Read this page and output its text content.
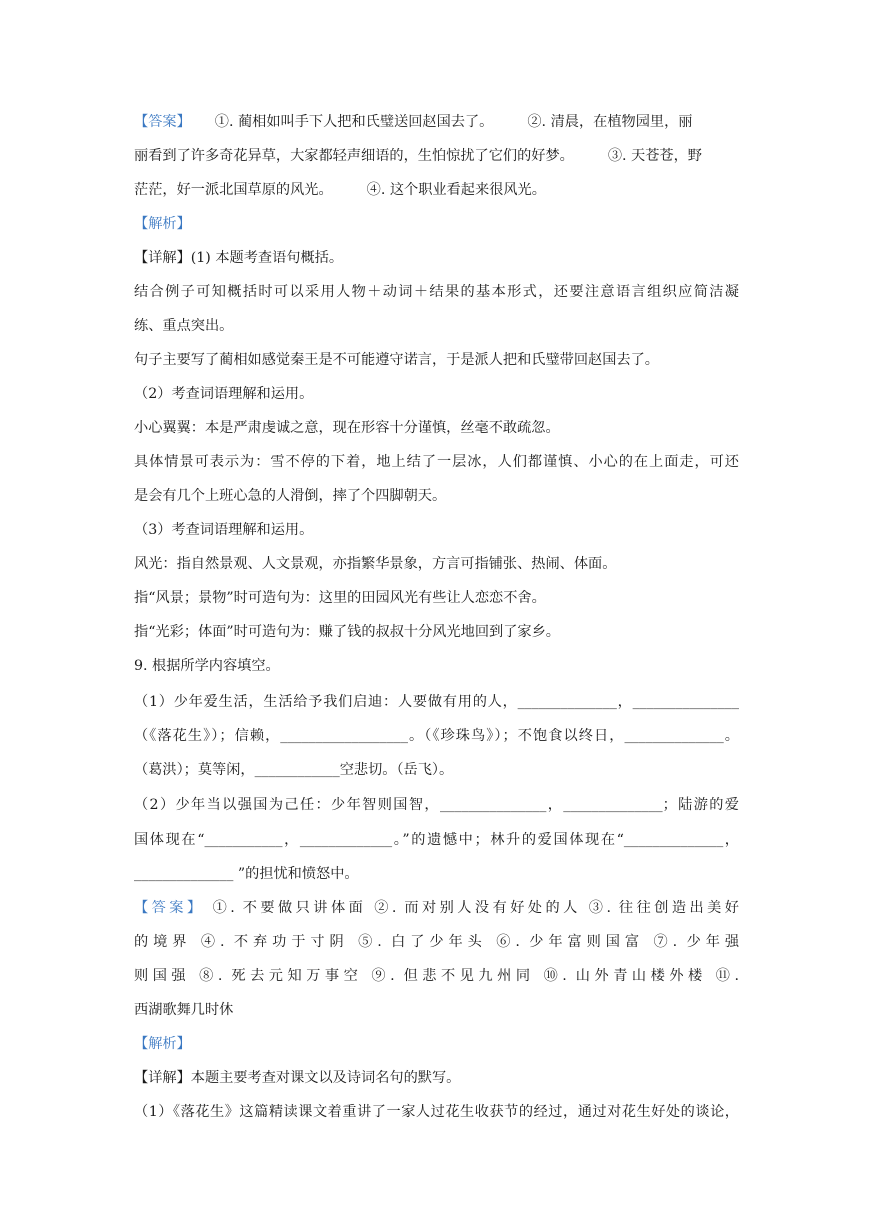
【答案】 ①. 蔺相如叫手下人把和氏璧送回赵国去了。 ②. 清晨，在植物园里，丽
丽看到了许多奇花异草，大家都轻声细语的，生怕惊扰了它们的好梦。 ③. 天苍苍，野
茫茫，好一派北国草原的风光。 ④. 这个职业看起来很风光。
【解析】
【详解】(1) 本题考查语句概括。
结合例子可知概括时可以采用人物＋动词＋结果的基本形式，还要注意语言组织应简洁凝
练、重点突出。
句子主要写了蔺相如感觉秦王是不可能遵守诺言，于是派人把和氏璧带回赵国去了。
（2）考查词语理解和运用。
小心翼翼：本是严肃虔诚之意，现在形容十分谨慎，丝毫不敢疏忽。
具体情景可表示为：雪不停的下着，地上结了一层冰，人们都谨慎、小心的在上面走，可还
是会有几个上班心急的人滑倒，摔了个四脚朝天。
（3）考查词语理解和运用。
风光：指自然景观、人文景观，亦指繁华景象，方言可指铺张、热闹、体面。
指“风景；景物”时可造句为：这里的田园风光有些让人恋恋不舍。
指“光彩；体面”时可造句为：赚了钱的叔叔十分风光地回到了家乡。
9. 根据所学内容填空。
（1）少年爱生活，生活给予我们启迪：人要做有用的人，______________，_______________
（《落花生》）；信赖，__________________。（《珍珠鸟》）；不饱食以终日，______________。
（葛洪）；莫等闲，____________空悲切。（岳飞）。
（2）少年当以强国为己任：少年智则国智，_______________，______________；陆游的爱
国体现在“___________，_____________。”的遗憾中；林升的爱国体现在“______________，
______________ ”的担忧和愤怒中。
【答案】 ①. 不要做只讲体面 ②. 而对别人没有好处的人 ③. 往往创造出美好
的境界 ④. 不弃功于寸阴 ⑤. 白了少年头 ⑥. 少年富则国富 ⑦. 少年强
则国强 ⑧. 死去元知万事空 ⑨. 但悲不见九州同 ⑩. 山外青山楼外楼 ⑪.
西湖歌舞几时休
【解析】
【详解】本题主要考查对课文以及诗词名句的默写。
（1）《落花生》这篇精读课文着重讲了一家人过花生收获节的经过，通过对花生好处的谈论，
